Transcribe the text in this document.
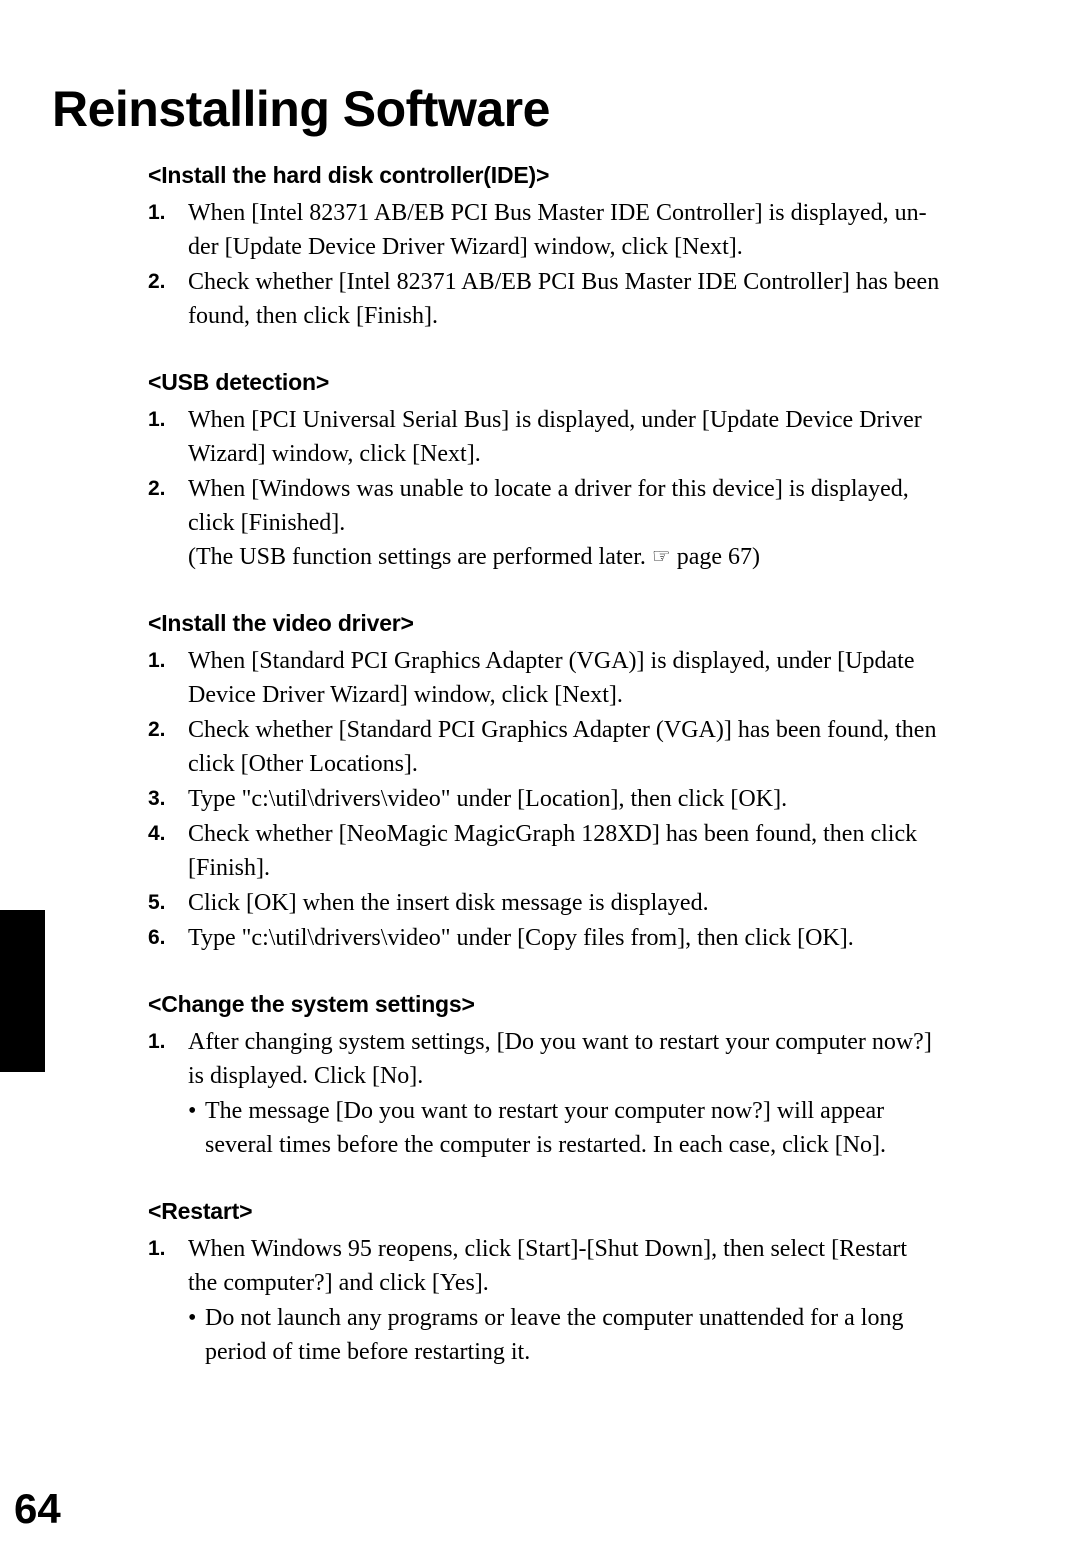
Reinstalling Software
<Install the hard disk controller(IDE)>
1. When [Intel 82371 AB/EB PCI Bus Master IDE Controller] is displayed, un-
der [Update Device Driver Wizard] window, click [Next].
2. Check whether [Intel 82371 AB/EB PCI Bus Master IDE Controller] has been
found, then click [Finish].
<USB detection>
1. When [PCI Universal Serial Bus] is displayed, under [Update Device Driver
Wizard] window, click [Next].
2. When [Windows was unable to locate a driver for this device] is displayed,
click [Finished].
(The USB function settings are performed later. ☞ page 67)
<Install the video driver>
1. When [Standard PCI Graphics Adapter (VGA)] is displayed, under [Update
Device Driver Wizard] window, click [Next].
2. Check whether [Standard PCI Graphics Adapter (VGA)] has been found, then
click [Other Locations].
3. Type "c:\util\drivers\video" under [Location], then click [OK].
4. Check whether [NeoMagic MagicGraph 128XD] has been found, then click
[Finish].
5. Click [OK] when the insert disk message is displayed.
6. Type "c:\util\drivers\video" under [Copy files from], then click [OK].
<Change the system settings>
1. After changing system settings, [Do you want to restart your computer now?]
is displayed. Click [No].
• The message [Do you want to restart your computer now?] will appear
several times before the computer is restarted. In each case, click [No].
<Restart>
1. When Windows 95 reopens, click [Start]-[Shut Down], then select [Restart
the computer?] and click [Yes].
• Do not launch any programs or leave the computer unattended for a long
period of time before restarting it.
64
